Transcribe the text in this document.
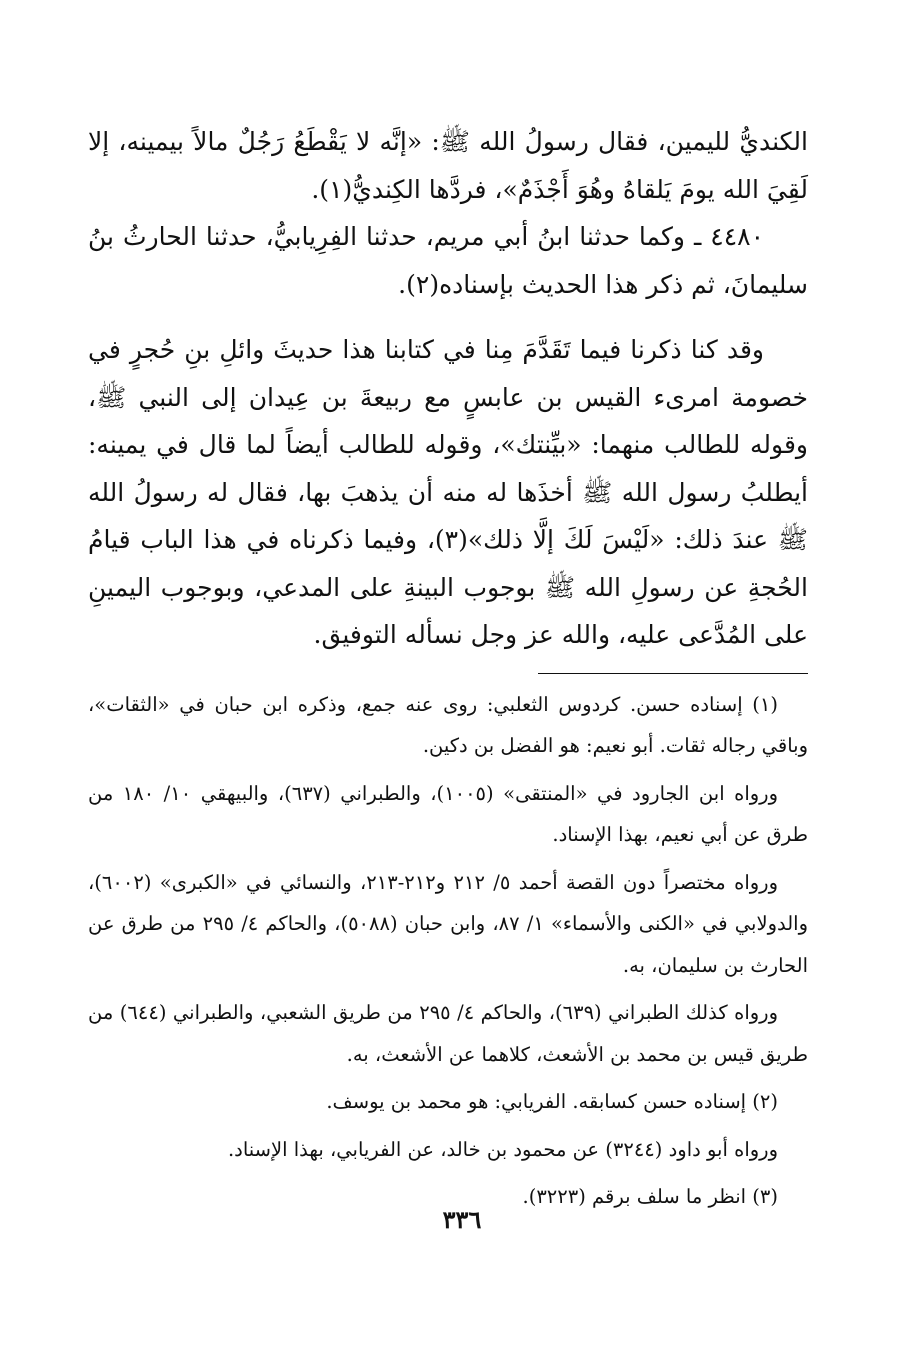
الكنديُّ لليمين، فقال رسولُ الله ﷺ: «إنَّه لا يَقْطَعُ رَجُلٌ مالاً بيمينه، إلا لَقِيَ الله يومَ يَلقاهُ وهُوَ أَجْذَمٌ»، فردَّها الكِنديُّ(١).

٤٤٨٠ ـ وكما حدثنا ابنُ أبي مريم، حدثنا الفِرِيابيُّ، حدثنا الحارثُ بنُ سليمانَ، ثم ذكر هذا الحديث بإسناده(٢).

وقد كنا ذكرنا فيما تَقَدَّمَ مِنا في كتابنا هذا حديثَ وائلِ بنِ حُجرٍ في خصومة امرىء القيس بن عابسٍ مع ربيعةَ بن عِيدان إلى النبي ﷺ، وقوله للطالب منهما: «بيِّنتك»، وقوله للطالب أيضاً لما قال في يمينه: أيطلبُ رسول الله ﷺ أخذَها له منه أن يذهبَ بها، فقال له رسولُ الله ﷺ عندَ ذلك: «لَيْسَ لَكَ إلَّا ذلك»(٣)، وفيما ذكرناه في هذا الباب قيامُ الحُجةِ عن رسولِ الله ﷺ بوجوب البينةِ على المدعي، وبوجوب اليمينِ على المُدَّعى عليه، والله عز وجل نسأله التوفيق.

(١) إسناده حسن. كردوس الثعلبي: روى عنه جمع، وذكره ابن حبان في «الثقات»، وباقي رجاله ثقات. أبو نعيم: هو الفضل بن دكين.

ورواه ابن الجارود في «المنتقى» (١٠٠٥)، والطبراني (٦٣٧)، والبيهقي ١٠/ ١٨٠ من طرق عن أبي نعيم، بهذا الإسناد.

ورواه مختصراً دون القصة أحمد ٥/ ٢١٢ و٢١٢-٢١٣، والنسائي في «الكبرى» (٦٠٠٢)، والدولابي في «الكنى والأسماء» ١/ ٨٧، وابن حبان (٥٠٨٨)، والحاكم ٤/ ٢٩٥ من طرق عن الحارث بن سليمان، به.

ورواه كذلك الطبراني (٦٣٩)، والحاكم ٤/ ٢٩٥ من طريق الشعبي، والطبراني (٦٤٤) من طريق قيس بن محمد بن الأشعث، كلاهما عن الأشعث، به.

(٢) إسناده حسن كسابقه. الفريابي: هو محمد بن يوسف.

ورواه أبو داود (٣٢٤٤) عن محمود بن خالد، عن الفريابي، بهذا الإسناد.

(٣) انظر ما سلف برقم (٣٢٢٣).

٣٣٦
